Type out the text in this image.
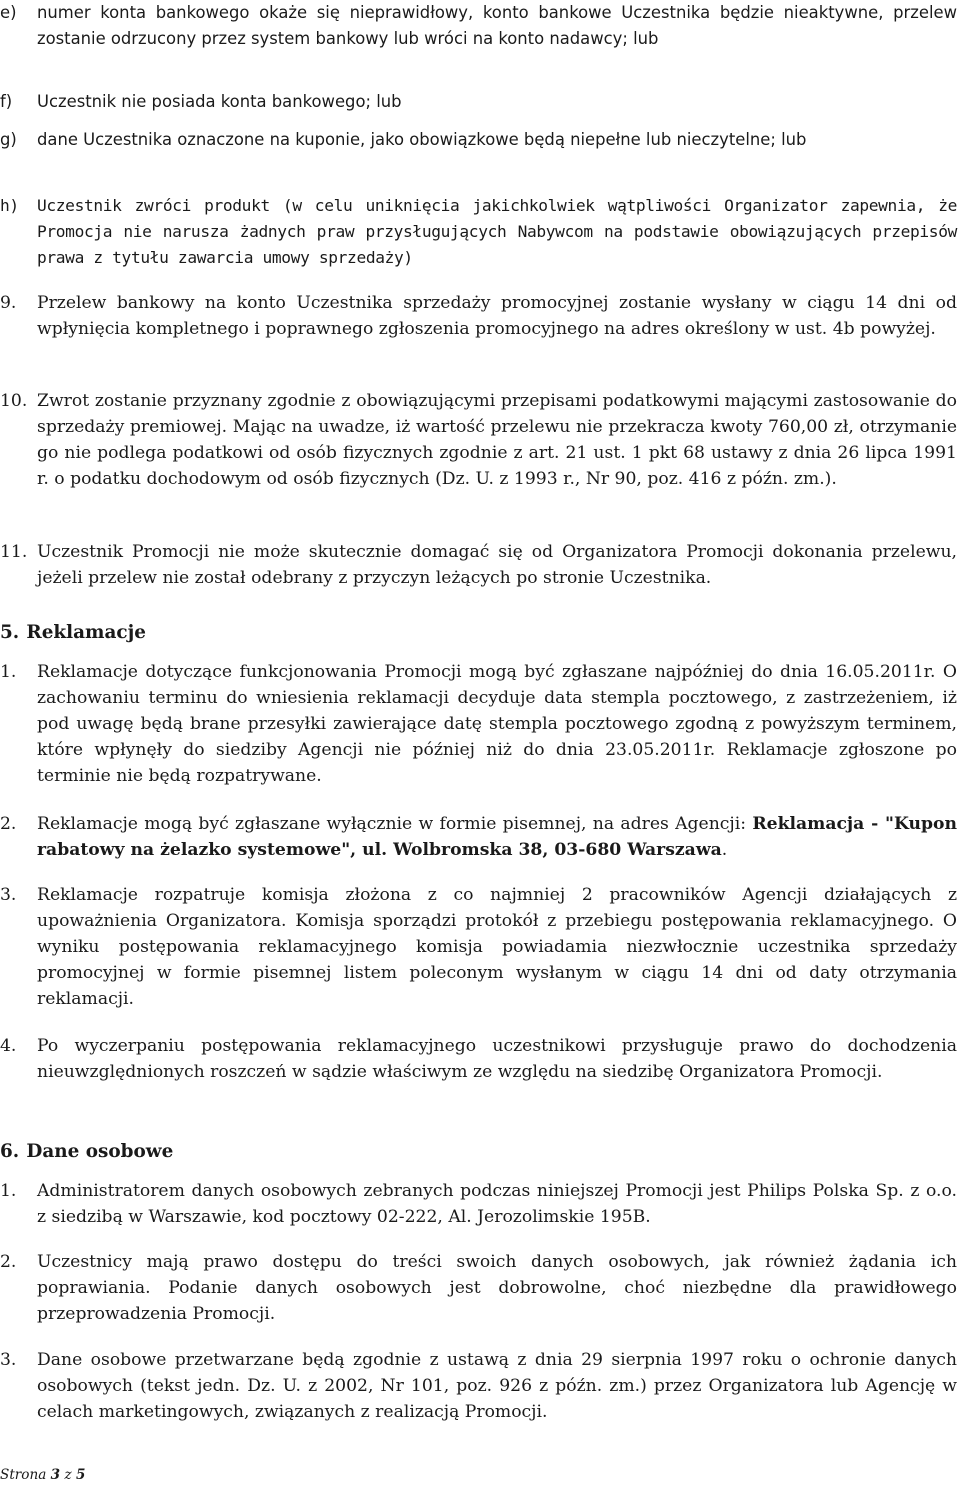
e) numer konta bankowego okaże się nieprawidłowy, konto bankowe Uczestnika będzie nieaktywne, przelew zostanie odrzucony przez system bankowy lub wróci na konto nadawcy; lub
f) Uczestnik nie posiada konta bankowego; lub
g) dane Uczestnika oznaczone na kuponie, jako obowiązkowe będą niepełne lub nieczytelne; lub
h) Uczestnik zwróci produkt (w celu uniknięcia jakichkolwiek wątpliwości Organizator zapewnia, że Promocja nie narusza żadnych praw przysługujących Nabywcom na podstawie obowiązujących przepisów prawa z tytułu zawarcia umowy sprzedaży)
9. Przelew bankowy na konto Uczestnika sprzedaży promocyjnej zostanie wysłany w ciągu 14 dni od wpłynięcia kompletnego i poprawnego zgłoszenia promocyjnego na adres określony w ust. 4b powyżej.
10. Zwrot zostanie przyznany zgodnie z obowiązującymi przepisami podatkowymi mającymi zastosowanie do sprzedaży premiowej. Mając na uwadze, iż wartość przelewu nie przekracza kwoty 760,00 zł, otrzymanie go nie podlega podatkowi od osób fizycznych zgodnie z art. 21 ust. 1 pkt 68 ustawy z dnia 26 lipca 1991 r. o podatku dochodowym od osób fizycznych (Dz. U. z 1993 r., Nr 90, poz. 416 z późn. zm.).
11. Uczestnik Promocji nie może skutecznie domagać się od Organizatora Promocji dokonania przelewu, jeżeli przelew nie został odebrany z przyczyn leżących po stronie Uczestnika.
5. Reklamacje
1. Reklamacje dotyczące funkcjonowania Promocji mogą być zgłaszane najpóźniej do dnia 16.05.2011r. O zachowaniu terminu do wniesienia reklamacji decyduje data stempla pocztowego, z zastrzeżeniem, iż pod uwagę będą brane przesyłki zawierające datę stempla pocztowego zgodną z powyższym terminem, które wpłynęły do siedziby Agencji nie później niż do dnia 23.05.2011r. Reklamacje zgłoszone po terminie nie będą rozpatrywane.
2. Reklamacje mogą być zgłaszane wyłącznie w formie pisemnej, na adres Agencji: Reklamacja - "Kupon rabatowy na żelazko systemowe", ul. Wolbromska 38, 03-680 Warszawa.
3. Reklamacje rozpatruje komisja złożona z co najmniej 2 pracowników Agencji działających z upoważnienia Organizatora. Komisja sporządzi protokół z przebiegu postępowania reklamacyjnego. O wyniku postępowania reklamacyjnego komisja powiadamia niezwłocznie uczestnika sprzedaży promocyjnej w formie pisemnej listem poleconym wysłanym w ciągu 14 dni od daty otrzymania reklamacji.
4. Po wyczerpaniu postępowania reklamacyjnego uczestnikowi przysługuje prawo do dochodzenia nieuwzględnionych roszczeń w sądzie właściwym ze względu na siedzibę Organizatora Promocji.
6. Dane osobowe
1. Administratorem danych osobowych zebranych podczas niniejszej Promocji jest Philips Polska Sp. z o.o. z siedzibą w Warszawie, kod pocztowy 02-222, Al. Jerozolimskie 195B.
2. Uczestnicy mają prawo dostępu do treści swoich danych osobowych, jak również żądania ich poprawiania. Podanie danych osobowych jest dobrowolne, choć niezbędne dla prawidłowego przeprowadzenia Promocji.
3. Dane osobowe przetwarzane będą zgodnie z ustawą z dnia 29 sierpnia 1997 roku o ochronie danych osobowych (tekst jedn. Dz. U. z 2002, Nr 101, poz. 926 z późn. zm.) przez Organizatora lub Agencję w celach marketingowych, związanych z realizacją Promocji.
Strona 3 z 5
